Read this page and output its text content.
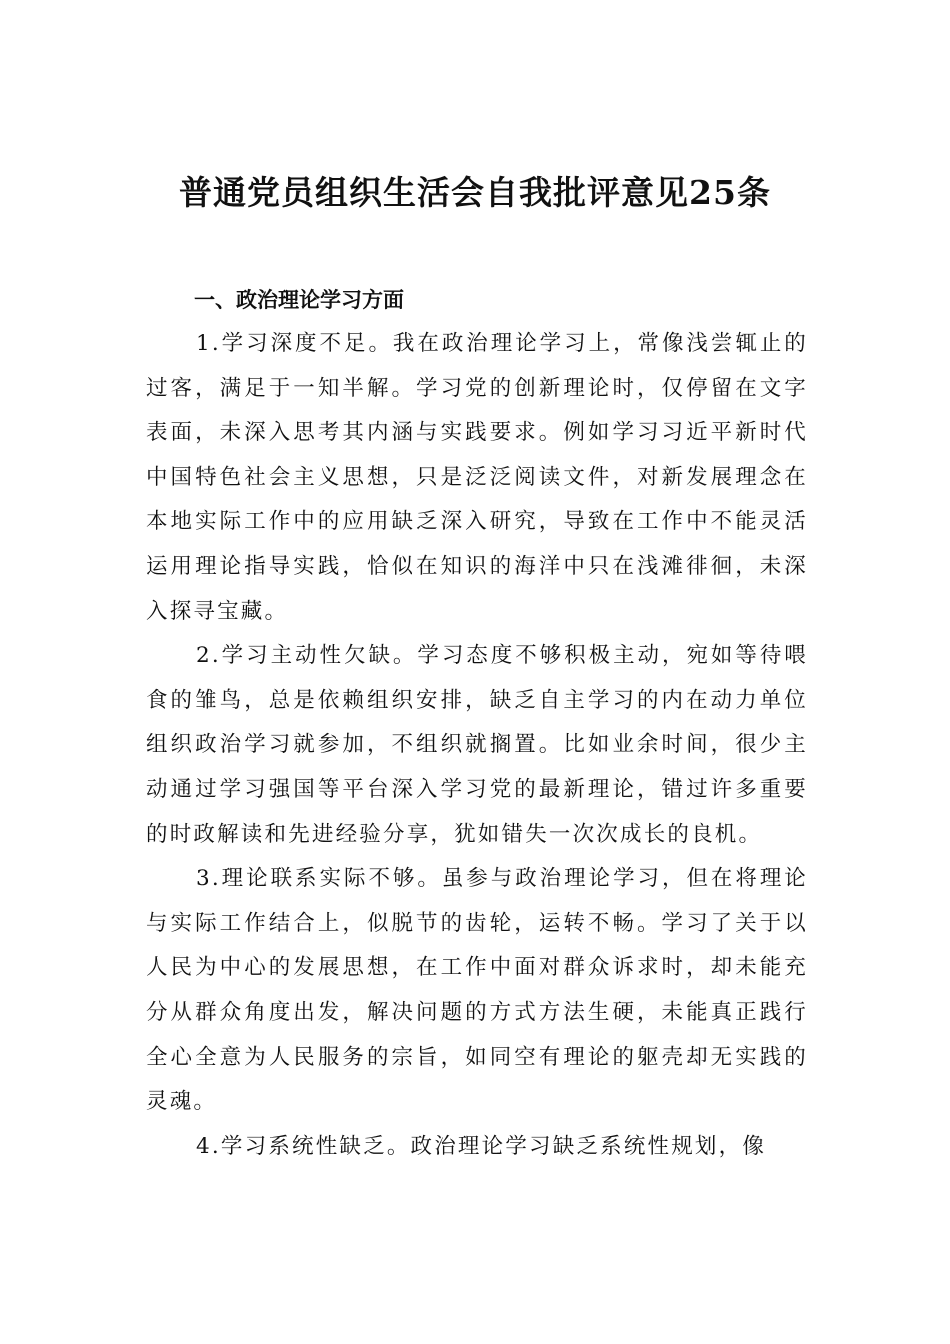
普通党员组织生活会自我批评意见25条

一、政治理论学习方面

1.学习深度不足。我在政治理论学习上，常像浅尝辄止的过客，满足于一知半解。学习党的创新理论时，仅停留在文字表面，未深入思考其内涵与实践要求。例如学习习近平新时代中国特色社会主义思想，只是泛泛阅读文件，对新发展理念在本地实际工作中的应用缺乏深入研究，导致在工作中不能灵活运用理论指导实践，恰似在知识的海洋中只在浅滩徘徊，未深入探寻宝藏。

2.学习主动性欠缺。学习态度不够积极主动，宛如等待喂食的雏鸟，总是依赖组织安排，缺乏自主学习的内在动力单位组织政治学习就参加，不组织就搁置。比如业余时间，很少主动通过学习强国等平台深入学习党的最新理论，错过许多重要的时政解读和先进经验分享，犹如错失一次次成长的良机。

3.理论联系实际不够。虽参与政治理论学习，但在将理论与实际工作结合上，似脱节的齿轮，运转不畅。学习了关于以人民为中心的发展思想，在工作中面对群众诉求时，却未能充分从群众角度出发，解决问题的方式方法生硬，未能真正践行全心全意为人民服务的宗旨，如同空有理论的躯壳却无实践的灵魂。

4.学习系统性缺乏。政治理论学习缺乏系统性规划，像
